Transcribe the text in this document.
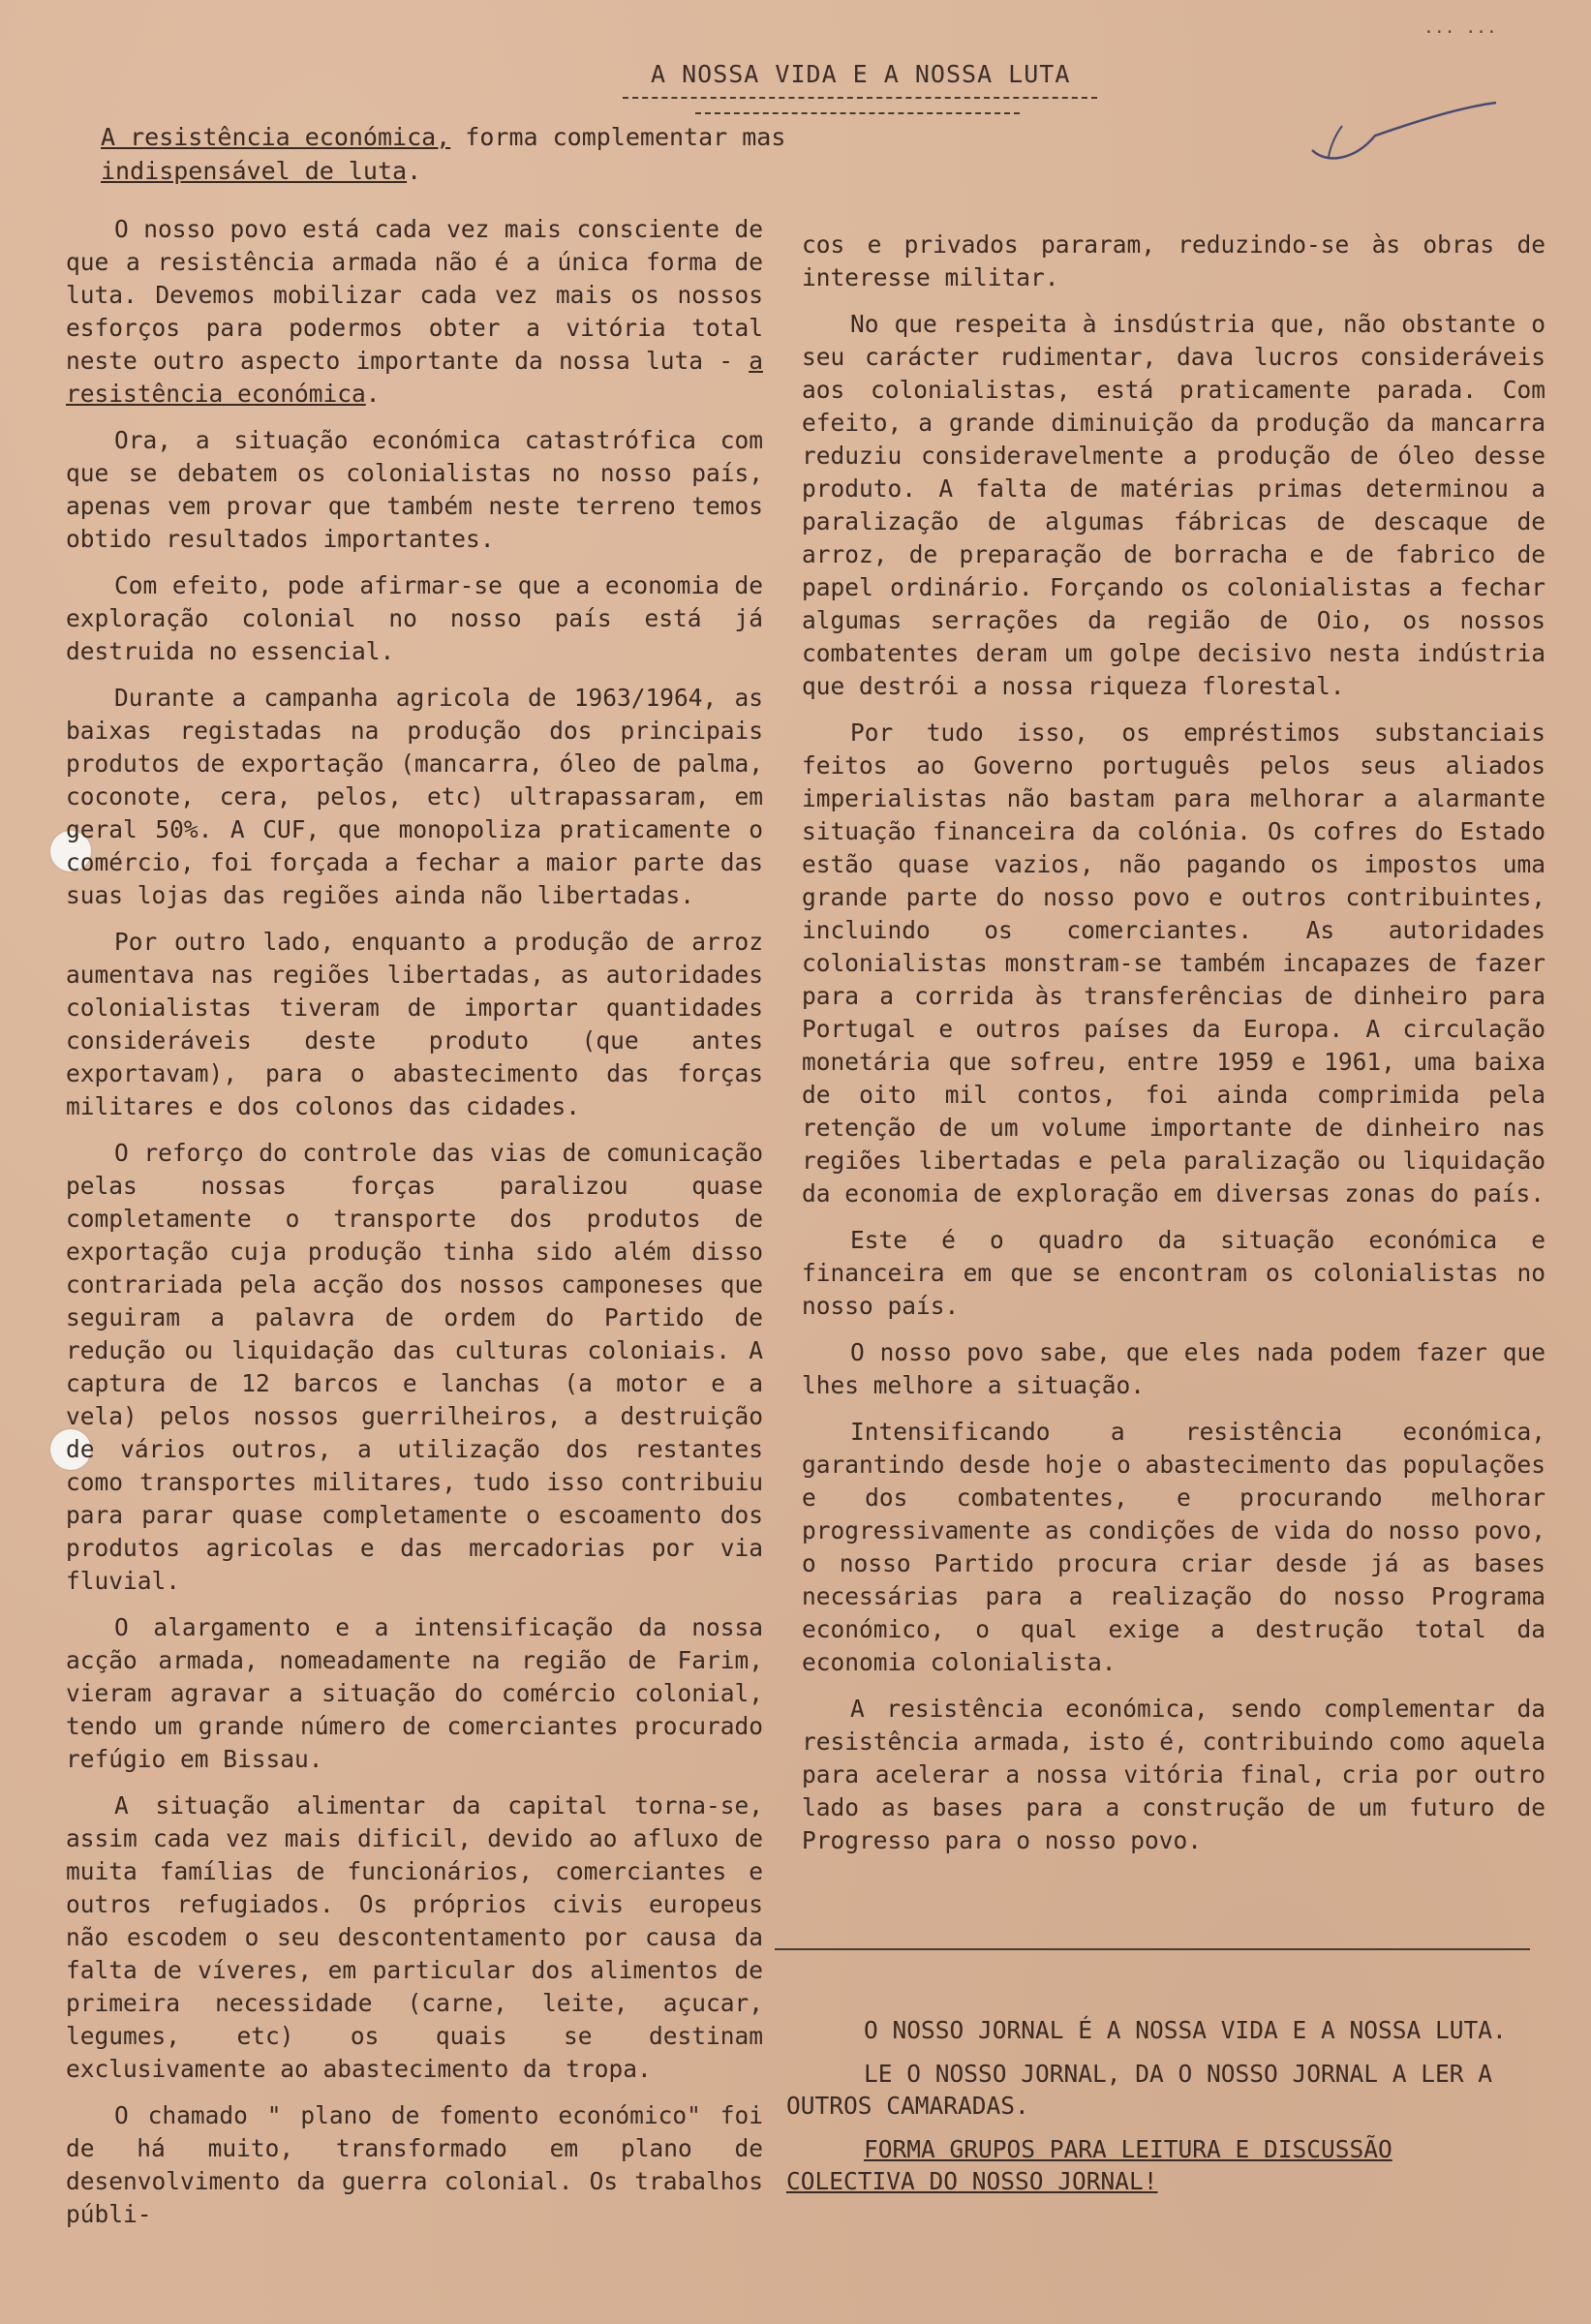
... ...
A NOSSA VIDA E A NOSSA LUTA
A resistência económica, forma complementar mas indispensável de luta.

O nosso povo está cada vez mais consciente de que a resistência armada não é a única forma de luta. Devemos mobilizar cada vez mais os nossos esforços para podermos obter a vitória total neste outro aspecto importante da nossa luta - a resistência económica.

Ora, a situação económica catastrófica com que se debatem os colonialistas no nosso país, apenas vem provar que também neste terreno temos obtido resultados importantes.

Com efeito, pode afirmar-se que a economia de exploração colonial no nosso país está já destruida no essencial.

Durante a campanha agricola de 1963/1964, as baixas registadas na produção dos principais produtos de exportação (mancarra, óleo de palma, coconote, cera, pelos, etc) ultrapassaram, em geral 50%. A CUF, que monopoliza praticamente o comércio, foi forçada a fechar a maior parte das suas lojas das regiões ainda não libertadas.

Por outro lado, enquanto a produção de arroz aumentava nas regiões libertadas, as autoridades colonialistas tiveram de importar quantidades consideráveis deste produto (que antes exportavam), para o abastecimento das forças militares e dos colonos das cidades.

O reforço do controle das vias de comunicação pelas nossas forças paralizou quase completamente o transporte dos produtos de exportação cuja produção tinha sido além disso contrariada pela acção dos nossos camponeses que seguiram a palavra de ordem do Partido de redução ou liquidação das culturas coloniais. A captura de 12 barcos e lanchas (a motor e a vela) pelos nossos guerrilheiros, a destruição de vários outros, a utilização dos restantes como transportes militares, tudo isso contribuiu para parar quase completamente o escoamento dos produtos agricolas e das mercadorias por via fluvial.

O alargamento e a intensificação da nossa acção armada, nomeadamente na região de Farim, vieram agravar a situação do comércio colonial, tendo um grande número de comerciantes procurado refúgio em Bissau.

A situação alimentar da capital torna-se, assim cada vez mais dificil, devido ao afluxo de muita famílias de funcionários, comerciantes e outros refugiados. Os próprios civis europeus não escodem o seu descontentamento por causa da falta de víveres, em particular dos alimentos de primeira necessidade (carne, leite, açucar, legumes, etc) os quais se destinam exclusivamente ao abastecimento da tropa.

O chamado " plano de fomento económico" foi de há muito, transformado em plano de desenvolvimento da guerra colonial. Os trabalhos públi-

cos e privados pararam, reduzindo-se às obras de interesse militar.

No que respeita à insdústria que, não obstante o seu carácter rudimentar, dava lucros consideráveis aos colonialistas, está praticamente parada. Com efeito, a grande diminuição da produção da mancarra reduziu consideravelmente a produção de óleo desse produto. A falta de matérias primas determinou a paralização de algumas fábricas de descaque de arroz, de preparação de borracha e de fabrico de papel ordinário. Forçando os colonialistas a fechar algumas serrações da região de Oio, os nossos combatentes deram um golpe decisivo nesta indústria que destrói a nossa riqueza florestal.

Por tudo isso, os empréstimos substanciais feitos ao Governo português pelos seus aliados imperialistas não bastam para melhorar a alarmante situação financeira da colónia. Os cofres do Estado estão quase vazios, não pagando os impostos uma grande parte do nosso povo e outros contribuintes, incluindo os comerciantes. As autoridades colonialistas monstram-se também incapazes de fazer para a corrida às transferências de dinheiro para Portugal e outros países da Europa. A circulação monetária que sofreu, entre 1959 e 1961, uma baixa de oito mil contos, foi ainda comprimida pela retenção de um volume importante de dinheiro nas regiões libertadas e pela paralização ou liquidação da economia de exploração em diversas zonas do país.

Este é o quadro da situação económica e financeira em que se encontram os colonialistas no nosso país.

O nosso povo sabe, que eles nada podem fazer que lhes melhore a situação.

Intensificando a resistência económica, garantindo desde hoje o abastecimento das populações e dos combatentes, e procurando melhorar progressivamente as condições de vida do nosso povo, o nosso Partido procura criar desde já as bases necessárias para a realização do nosso Programa económico, o qual exige a destrução total da economia colonialista.

A resistência económica, sendo complementar da resistência armada, isto é, contribuindo como aquela para acelerar a nossa vitória final, cria por outro lado as bases para a construção de um futuro de Progresso para o nosso povo.

O NOSSO JORNAL É A NOSSA VIDA E A NOSSA LUTA.

LE O NOSSO JORNAL, DA O NOSSO JORNAL A LER A OUTROS CAMARADAS.

FORMA GRUPOS PARA LEITURA E DISCUSSÃO COLECTIVA DO NOSSO JORNAL!
